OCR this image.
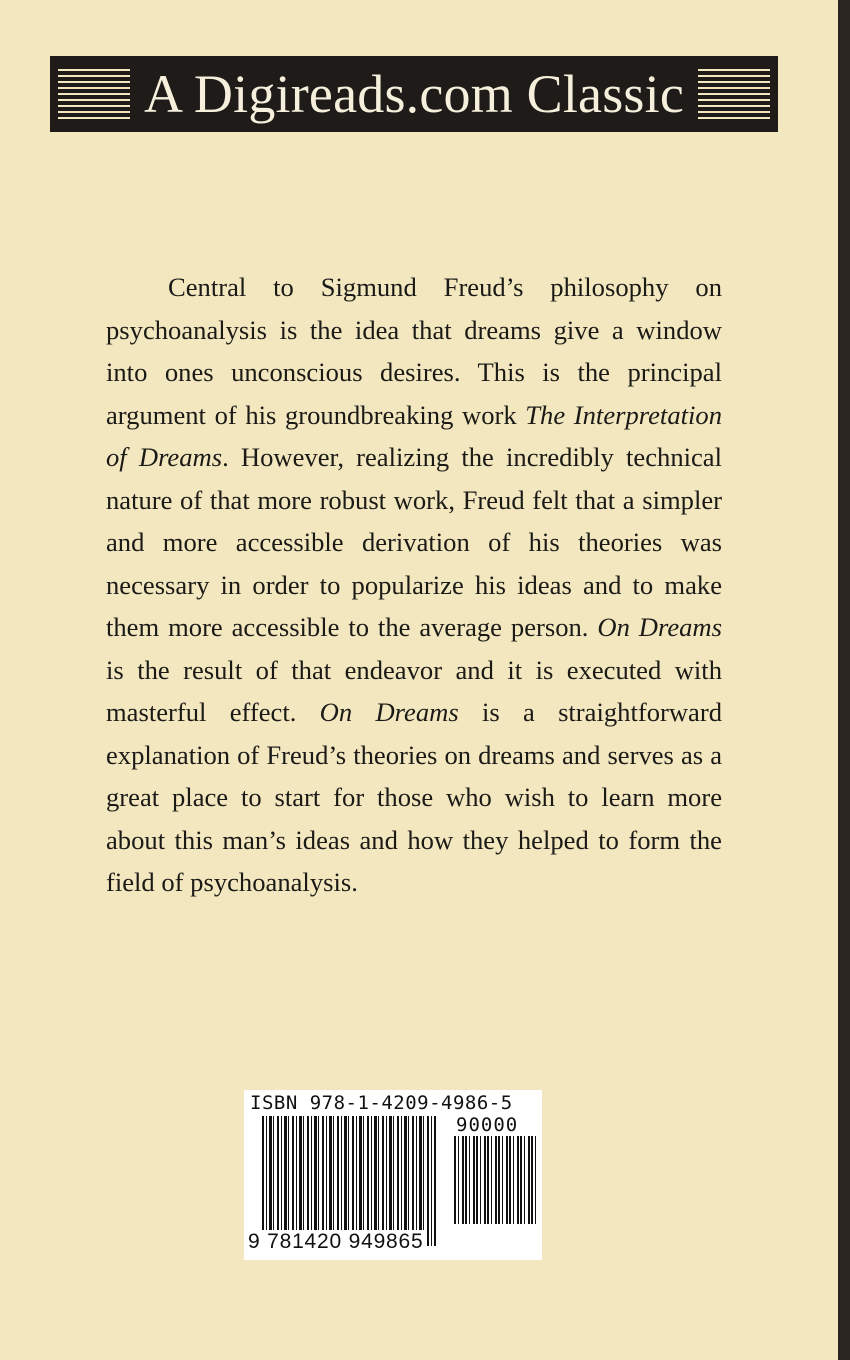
A Digireads.com Classic

Central to Sigmund Freud’s philosophy on psychoanalysis is the idea that dreams give a window into ones unconscious desires. This is the principal argument of his groundbreaking work The Interpretation of Dreams. However, realizing the incredibly technical nature of that more robust work, Freud felt that a simpler and more accessible derivation of his theories was necessary in order to popularize his ideas and to make them more accessible to the average person. On Dreams is the result of that endeavor and it is executed with masterful effect. On Dreams is a straightforward explanation of Freud’s theories on dreams and serves as a great place to start for those who wish to learn more about this man’s ideas and how they helped to form the field of psychoanalysis.

ISBN 978-1-4209-4986-5
90000
9 781420 949865
